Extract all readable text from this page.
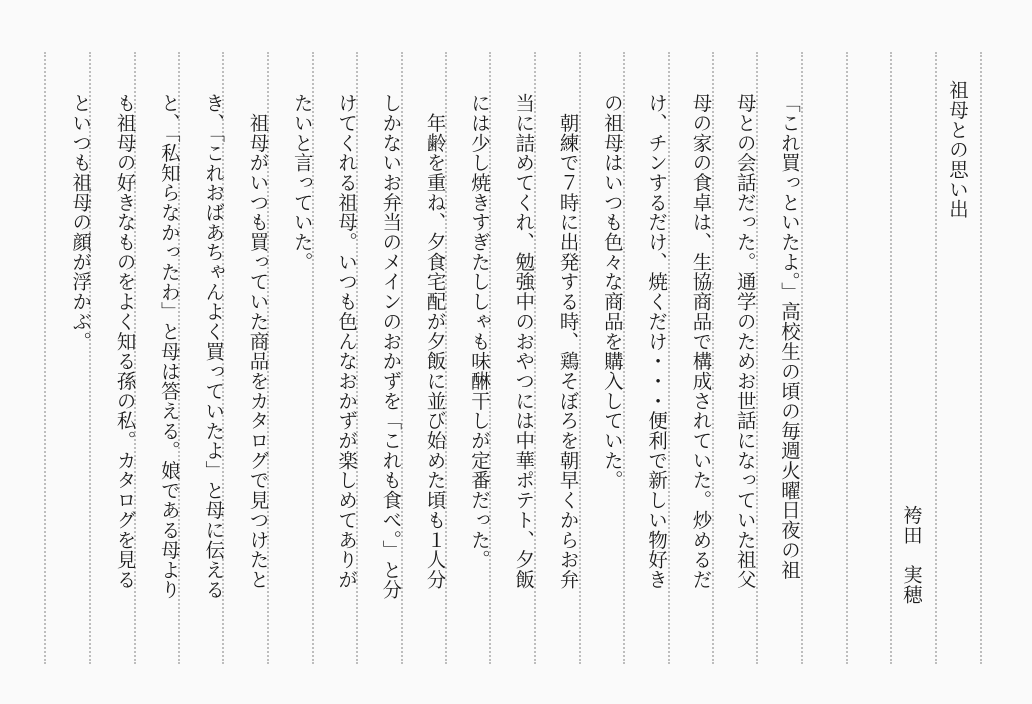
祖母との思い出
袴田　実穂
「これ買っといたよ。」高校生の頃の毎週火曜日夜の祖
母との会話だった。通学のためお世話になっていた祖父
母の家の食卓は、生協商品で構成されていた。炒めるだ
け、チンするだけ、焼くだけ・・・便利で新しい物好き
の祖母はいつも色々な商品を購入していた。
　朝練で７時に出発する時、鶏そぼろを朝早くからお弁
当に詰めてくれ、勉強中のおやつには中華ポテト、夕飯
には少し焼きすぎたししゃも味醂干しが定番だった。
　年齢を重ね、夕食宅配が夕飯に並び始めた頃も１人分
しかないお弁当のメインのおかずを「これも食べ。」と分
けてくれる祖母。いつも色んなおかずが楽しめてありが
たいと言っていた。
　祖母がいつも買っていた商品をカタログで見つけたと
き、「これおばあちゃんよく買っていたよ」と母に伝える
と、「私知らなかったわ」と母は答える。娘である母より
も祖母の好きなものをよく知る孫の私。カタログを見る
といつも祖母の顔が浮かぶ。
